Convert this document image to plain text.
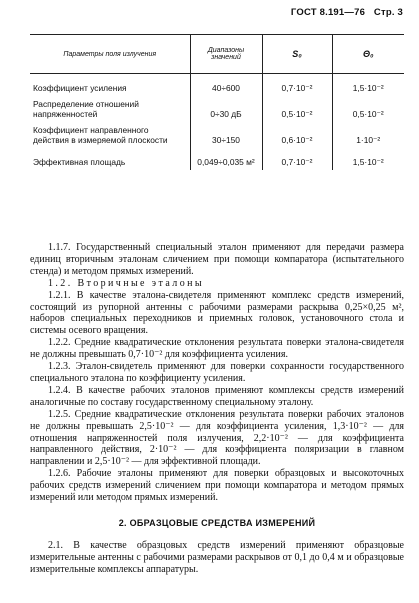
ГОСТ 8.191—76 Стр. 3
Параметры поля излучения	Диапазоны значений	S₀	Θ₀
Коэффициент усиления	40÷600	0,7·10⁻²	1,5·10⁻²
Распределение отношений напряженностей	0÷30 дБ	0,5·10⁻²	0,5·10⁻²
Коэффициент направленного действия в измеряемой плоскости	30÷150	0,6·10⁻²	1·10⁻²
Эффективная площадь	0,049÷0,035 м²	0,7·10⁻²	1,5·10⁻²

1.1.7. Государственный специальный эталон применяют для передачи размера единиц вторичным эталонам сличением при помощи компаратора (испытательного стенда) и методом прямых измерений.

1.2. Вторичные эталоны

1.2.1. В качестве эталона-свидетеля применяют комплекс средств измерений, состоящий из рупорной антенны с рабочими размерами раскрыва 0,25×0,25 м², наборов специальных переходников и приемных головок, установочного стола и системы осевого вращения.

1.2.2. Средние квадратические отклонения результата поверки эталона-свидетеля не должны превышать 0,7·10⁻² для коэффициента усиления.

1.2.3. Эталон-свидетель применяют для поверки сохранности государственного специального эталона по коэффициенту усиления.

1.2.4. В качестве рабочих эталонов применяют комплексы средств измерений аналогичные по составу государственному специальному эталону.

1.2.5. Средние квадратические отклонения результата поверки рабочих эталонов не должны превышать 2,5·10⁻² — для коэффициента усиления, 1,3·10⁻² — для отношения напряженностей поля излучения, 2,2·10⁻² — для коэффициента направленного действия, 2·10⁻² — для коэффициента поляризации в главном направлении и 2,5·10⁻² — для эффективной площади.

1.2.6. Рабочие эталоны применяют для поверки образцовых и высокоточных рабочих средств измерений сличением при помощи компаратора и методом прямых измерений или методом прямых измерений.

2. ОБРАЗЦОВЫЕ СРЕДСТВА ИЗМЕРЕНИЙ

2.1. В качестве образцовых средств измерений применяют образцовые измерительные антенны с рабочими размерами раскрывов от 0,1 до 0,4 м и образцовые измерительные комплексы аппаратуры.
